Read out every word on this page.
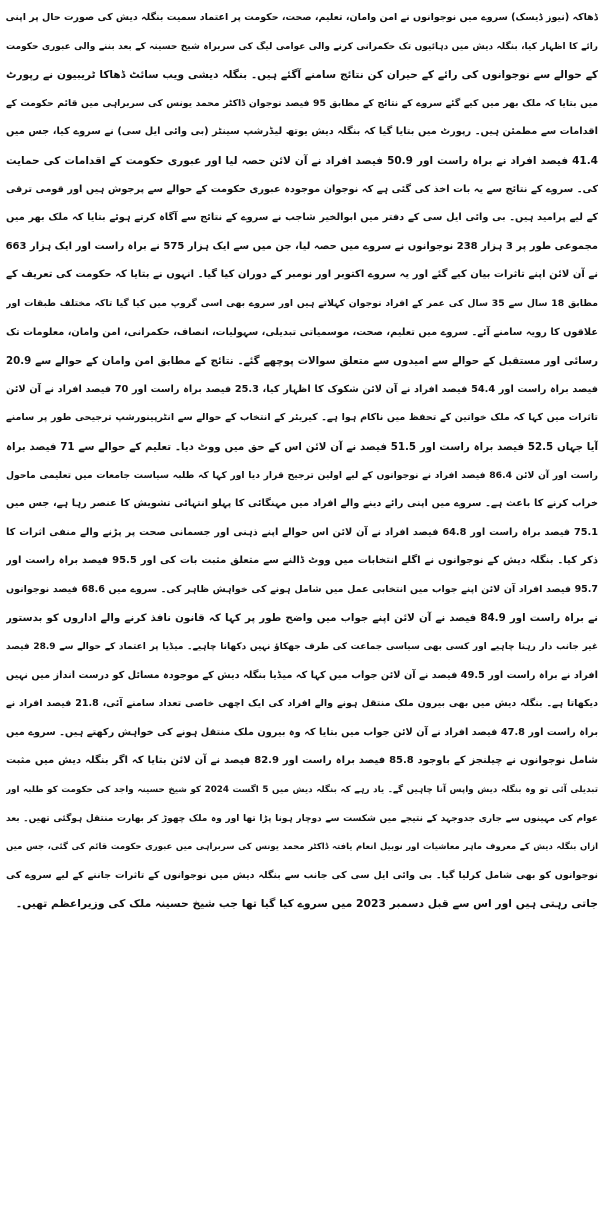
ڈھاکہ (نیوز ڈیسک) سروے میں نوجوانوں نے امن وامان، تعلیم، صحت، حکومت پر اعتماد سمیت بنگلہ دیش کی صورت حال پر اپنی
رائے کا اظہار کیا، بنگلہ دیش میں دہائیوں تک حکمرانی کرنے والی عوامی لیگ کی سربراہ شیخ حسینہ کے بعد بننے والی عبوری حکومت
کے حوالے سے نوجوانوں کی رائے کے حیران کن نتائج سامنے آگئے ہیں۔ بنگلہ دیشی ویب سائٹ ڈھاکا ٹریبیون نے رپورٹ
میں بتایا کہ ملک بھر میں کیے گئے سروے کے نتائج کے مطابق 95 فیصد نوجوان ڈاکٹر محمد یونس کی سربراہی میں قائم حکومت کے
اقدامات سے مطمئن ہیں۔ رپورٹ میں بتایا گیا کہ بنگلہ دیش یوتھ لیڈرشپ سینٹر (بی وائی ایل سی) نے سروے کیا، جس میں
41.4 فیصد افراد نے براہ راست اور 50.9 فیصد افراد نے آن لائن حصہ لیا اور عبوری حکومت کے اقدامات کی حمایت
کی۔ سروے کے نتائج سے یہ بات اخذ کی گئی ہے کہ نوجوان موجودہ عبوری حکومت کے حوالے سے پرجوش ہیں اور قومی ترقی
کے لیے پرامید ہیں۔ بی وائی ایل سی کے دفتر میں ابوالخیر شاجب نے سروے کے نتائج سے آگاہ کرتے ہوئے بتایا کہ ملک بھر میں
مجموعی طور پر 3 ہزار 238 نوجوانوں نے سروے میں حصہ لیا، جن میں سے ایک ہزار 575 نے براہ راست اور ایک ہزار 663
نے آن لائن اپنے تاثرات بیان کیے گئے اور یہ سروے اکتوبر اور نومبر کے دوران کیا گیا۔ انہوں نے بتایا کہ حکومت کی تعریف کے
مطابق 18 سال سے 35 سال کی عمر کے افراد نوجوان کہلاتے ہیں اور سروے بھی اسی گروپ میں کیا گیا تاکہ مختلف طبقات اور
علاقوں کا رویہ سامنے آئے۔ سروے میں تعلیم، صحت، موسمیاتی تبدیلی، سہولیات، انصاف، حکمرانی، امن وامان، معلومات تک
رسائی اور مستقبل کے حوالے سے امیدوں سے متعلق سوالات پوچھے گئے۔ نتائج کے مطابق امن وامان کے حوالے سے 20.9
فیصد براہ راست اور 54.4 فیصد افراد نے آن لائن شکوک کا اظہار کیا، 25.3 فیصد براہ راست اور 70 فیصد افراد نے آن لائن
تاثرات میں کہا کہ ملک خواتین کے تحفظ میں ناکام ہوا ہے۔ کیریئر کے انتخاب کے حوالے سے انٹرپینورشپ ترجیحی طور پر سامنے
آیا جہاں 52.5 فیصد براہ راست اور 51.5 فیصد نے آن لائن اس کے حق میں ووٹ دیا۔ تعلیم کے حوالے سے 71 فیصد براہ
راست اور آن لائن 86.4 فیصد افراد نے نوجوانوں کے لیے اولین ترجیح قرار دیا اور کہا کہ طلبہ سیاست جامعات میں تعلیمی ماحول
خراب کرنے کا باعث ہے۔ سروے میں اپنی رائے دینے والے افراد میں مہنگائی کا پہلو انتہائی تشویش کا عنصر رہا ہے، جس میں
75.1 فیصد براہ راست اور 64.8 فیصد افراد نے آن لائن اس حوالے اپنے ذہنی اور جسمانی صحت پر پڑنے والے منفی اثرات کا
ذکر کیا۔ بنگلہ دیش کے نوجوانوں نے اگلے انتخابات میں ووٹ ڈالنے سے متعلق مثبت بات کی اور 95.5 فیصد براہ راست اور
95.7 فیصد افراد آن لائن اپنے جواب میں انتخابی عمل میں شامل ہونے کی خواہش ظاہر کی۔ سروے میں 68.6 فیصد نوجوانوں
نے براہ راست اور 84.9 فیصد نے آن لائن اپنے جواب میں واضح طور پر کہا کہ قانون نافذ کرنے والے اداروں کو بدستور
غیر جانب دار رہنا چاہیے اور کسی بھی سیاسی جماعت کی طرف جھکاؤ نہیں دکھانا چاہیے۔ میڈیا پر اعتماد کے حوالے سے 28.9 فیصد
افراد نے براہ راست اور 49.5 فیصد نے آن لائن جواب میں کہا کہ میڈیا بنگلہ دیش کے موجودہ مسائل کو درست انداز میں نہیں
دیکھاتا ہے۔ بنگلہ دیش میں بھی بیرون ملک منتقل ہونے والے افراد کی ایک اچھی خاصی تعداد سامنے آئی، 21.8 فیصد افراد نے
براہ راست اور 47.8 فیصد افراد نے آن لائن جواب میں بتایا کہ وہ بیرون ملک منتقل ہونے کی خواہش رکھتے ہیں۔ سروے میں
شامل نوجوانوں نے چیلنجز کے باوجود 85.8 فیصد براہ راست اور 82.9 فیصد نے آن لائن بتایا کہ اگر بنگلہ دیش میں مثبت
تبدیلی آئی تو وہ بنگلہ دیش واپس آنا چاہیں گے۔ یاد رہے کہ بنگلہ دیش میں 5 اگست 2024 کو شیخ حسینہ واجد کی حکومت کو طلبہ اور
عوام کی مہینوں سے جاری جدوجہد کے نتیجے میں شکست سے دوچار ہونا پڑا تھا اور وہ ملک چھوڑ کر بھارت منتقل ہوگئی تھیں۔ بعد
ازاں بنگلہ دیش کے معروف ماہر معاشیات اور نوبیل انعام یافتہ ڈاکٹر محمد یونس کی سربراہی میں عبوری حکومت قائم کی گئی، جس میں
نوجوانوں کو بھی شامل کرلیا گیا۔ بی وائی ایل سی کی جانب سے بنگلہ دیش میں نوجوانوں کے تاثرات جاننے کے لیے سروے کی
جاتی رہتی ہیں اور اس سے قبل دسمبر 2023 میں سروے کیا گیا تھا جب شیخ حسینہ ملک کی وزیراعظم تھیں۔
